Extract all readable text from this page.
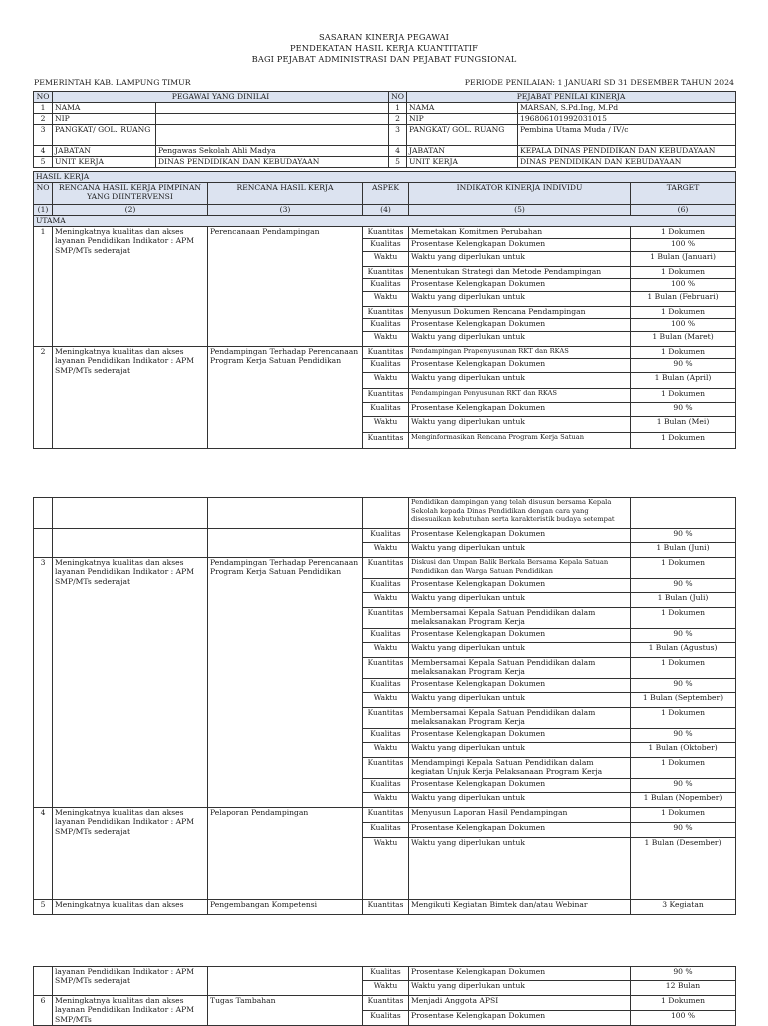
SASARAN KINERJA PEGAWAI
PENDEKATAN HASIL KERJA KUANTITATIF
BAGI PEJABAT ADMINISTRASI DAN PEJABAT FUNGSIONAL
PEMERINTAH KAB. LAMPUNG TIMUR	PERIODE PENILAIAN: 1 JANUARI SD 31 DESEMBER TAHUN 2024
NO	PEGAWAI YANG DINILAI		NO	PEJABAT PENILAI KINERJA	
1	NAMA		1	NAMA	MARSAN, S.Pd.Ing, M.Pd
2	NIP		2	NIP	196806101992031015
3	PANGKAT/ GOL. RUANG		3	PANGKAT/ GOL. RUANG	Pembina Utama Muda / IV/c
4	JABATAN	Pengawas Sekolah Ahli Madya	4	JABATAN	KEPALA DINAS PENDIDIKAN DAN KEBUDAYAAN
5	UNIT KERJA	DINAS PENDIDIKAN DAN KEBUDAYAAN	5	UNIT KERJA	DINAS PENDIDIKAN DAN KEBUDAYAAN
HASIL KERJA					
NO	RENCANA HASIL KERJA PIMPINAN YANG DIINTERVENSI	RENCANA HASIL KERJA	ASPEK	INDIKATOR KINERJA INDIVIDU	TARGET
(1)	(2)	(3)	(4)	(5)	(6)
UTAMA					
1	Meningkatnya kualitas dan akses layanan Pendidikan Indikator : APM SMP/MTs sederajat	Perencanaan Pendampingan	Kuantitas	Memetakan Komitmen Perubahan	1 Dokumen
			Kualitas	Prosentase Kelengkapan Dokumen	100 %
			Waktu	Waktu yang diperlukan untuk	1 Bulan (Januari)
			Kuantitas	Menentukan Strategi dan Metode Pendampingan	1 Dokumen
			Kualitas	Prosentase Kelengkapan Dokumen	100 %
			Waktu	Waktu yang diperlukan untuk	1 Bulan (Februari)
			Kuantitas	Menyusun Dokumen Rencana Pendampingan	1 Dokumen
			Kualitas	Prosentase Kelengkapan Dokumen	100 %
			Waktu	Waktu yang diperlukan untuk	1 Bulan (Maret)
2	Meningkatnya kualitas dan akses layanan Pendidikan Indikator : APM SMP/MTs sederajat	Pendampingan Terhadap Perencanaan Program Kerja Satuan Pendidikan	Kuantitas	Pendampingan Prapenyusunan RKT dan RKAS	1 Dokumen
			Kualitas	Prosentase Kelengkapan Dokumen	90 %
			Waktu	Waktu yang diperlukan untuk	1 Bulan (April)
			Kuantitas	Pendampingan Penyusunan RKT dan RKAS	1 Dokumen
			Kualitas	Prosentase Kelengkapan Dokumen	90 %
			Waktu	Waktu yang diperlukan untuk	1 Bulan (Mei)
			Kuantitas	Menginformasikan Rencana Program Kerja Satuan	1 Dokumen
				Pendidikan dampingan yang telah disusun bersama Kepala Sekolah kepada Dinas Pendidikan dengan cara yang disesuaikan kebutuhan serta karakteristik budaya setempat	
			Kualitas	Prosentase Kelengkapan Dokumen	90 %
			Waktu	Waktu yang diperlukan untuk	1 Bulan (Juni)
3	Meningkatnya kualitas dan akses layanan Pendidikan Indikator : APM SMP/MTs sederajat	Pendampingan Terhadap Perencanaan Program Kerja Satuan Pendidikan	Kuantitas	Diskusi dan Umpan Balik Berkala Bersama Kepala Satuan Pendidikan dan Warga Satuan Pendidikan	1 Dokumen
			Kualitas	Prosentase Kelengkapan Dokumen	90 %
			Waktu	Waktu yang diperlukan untuk	1 Bulan (Juli)
			Kuantitas	Membersamai Kepala Satuan Pendidikan dalam melaksanakan Program Kerja	1 Dokumen
			Kualitas	Prosentase Kelengkapan Dokumen	90 %
			Waktu	Waktu yang diperlukan untuk	1 Bulan (Agustus)
			Kuantitas	Membersamai Kepala Satuan Pendidikan dalam melaksanakan Program Kerja	1 Dokumen
			Kualitas	Prosentase Kelengkapan Dokumen	90 %
			Waktu	Waktu yang diperlukan untuk	1 Bulan (September)
			Kuantitas	Membersamai Kepala Satuan Pendidikan dalam melaksanakan Program Kerja	1 Dokumen
			Kualitas	Prosentase Kelengkapan Dokumen	90 %
			Waktu	Waktu yang diperlukan untuk	1 Bulan (Oktober)
			Kuantitas	Mendampingi Kepala Satuan Pendidikan dalam kegiatan Unjuk Kerja Pelaksanaan Program Kerja	1 Dokumen
			Kualitas	Prosentase Kelengkapan Dokumen	90 %
			Waktu	Waktu yang diperlukan untuk	1 Bulan (Nopember)
4	Meningkatnya kualitas dan akses layanan Pendidikan Indikator : APM SMP/MTs sederajat	Pelaporan Pendampingan	Kuantitas	Menyusun Laporan Hasil Pendampingan	1 Dokumen
			Kualitas	Prosentase Kelengkapan Dokumen	90 %
			Waktu	Waktu yang diperlukan untuk	1 Bulan (Desember)
5	Meningkatnya kualitas dan akses	Pengembangan Kompetensi	Kuantitas	Mengikuti Kegiatan Bimtek dan/atau Webinar	3 Kegiatan
	layanan Pendidikan Indikator : APM SMP/MTs sederajat		Kualitas	Prosentase Kelengkapan Dokumen	90 %
			Waktu	Waktu yang diperlukan untuk	12 Bulan
6	Meningkatnya kualitas dan akses layanan Pendidikan Indikator : APM SMP/MTs	Tugas Tambahan	Kuantitas	Menjadi Anggota APSI	1 Dokumen
			Kualitas	Prosentase Kelengkapan Dokumen	100 %
